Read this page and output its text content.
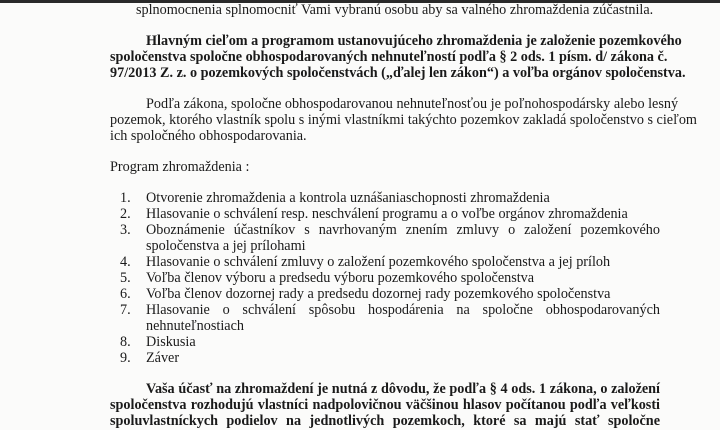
splnomocnenia splnomocniť Vami vybranú osobu aby sa valného zhromaždenia zúčastnila.
Hlavným cieľom a programom ustanovujúceho zhromaždenia je založenie pozemkového
spoločenstva spoločne obhospodarovaných nehnuteľností podľa § 2 ods. 1 písm. d/ zákona č.
97/2013 Z. z. o pozemkových spoločenstvách („ďalej len zákon“) a voľba orgánov spoločenstva.
Podľa zákona, spoločne obhospodarovanou nehnuteľnosťou je poľnohospodársky alebo lesný
pozemok, ktorého vlastník spolu s inými vlastníkmi takýchto pozemkov zakladá spoločenstvo s cieľom
ich spoločného obhospodarovania.
Program zhromaždenia :
1.	Otvorenie zhromaždenia a kontrola uznášaniaschopnosti zhromaždenia
2.	Hlasovanie o schválení resp. neschválení programu a o voľbe orgánov zhromaždenia
3.	Oboznámenie účastníkov s navrhovaným znením zmluvy o založení pozemkového
spoločenstva a jej prílohami
4.	Hlasovanie o schválení zmluvy o založení pozemkového spoločenstva a jej príloh
5.	Voľba členov výboru a predsedu výboru pozemkového spoločenstva
6.	Voľba členov dozornej rady a predsedu dozornej rady pozemkového spoločenstva
7.	Hlasovanie o schválení spôsobu hospodárenia na spoločne obhospodarovaných
nehnuteľnostiach
8.	Diskusia
9.	Záver
Vaša účasť na zhromaždení je nutná z dôvodu, že podľa § 4 ods. 1 zákona, o založení
spoločenstva rozhodujú vlastníci nadpolovičnou väčšinou hlasov počítanou podľa veľkosti
spoluvlastníckych podielov na jednotlivých pozemkoch, ktoré sa majú stať spoločne
